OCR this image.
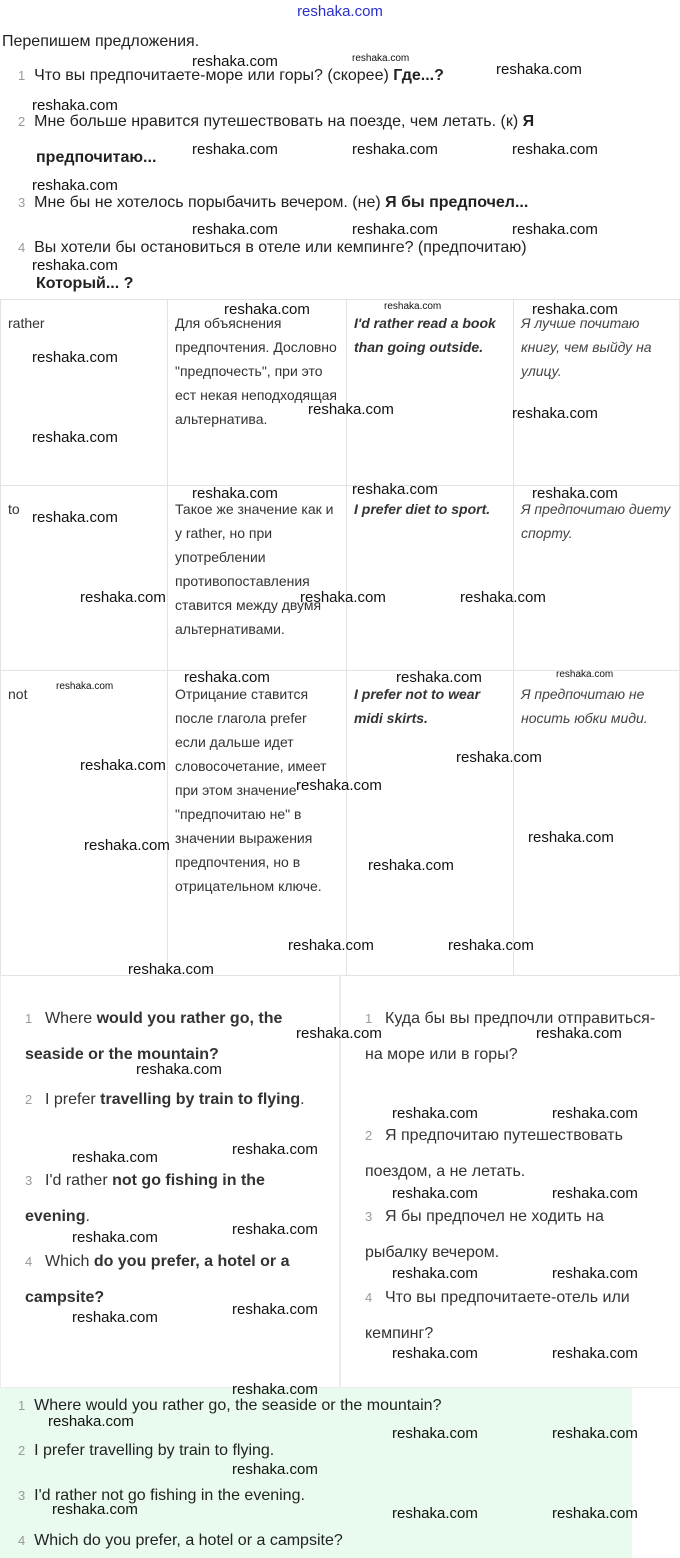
reshaka.com
Перепишем предложения.
1 Что вы предпочитаете-море или горы? (скорее) Где...?
2 Мне больше нравится путешествовать на поезде, чем летать. (к) Я
предпочитаю...
3 Мне бы не хотелось порыбачить вечером. (не) Я бы предпочел...
4 Вы хотели бы остановиться в отеле или кемпинге? (предпочитаю)
Который... ?
rather	Для объяснения предпочтения. Дословно "предпочесть", при это ест некая неподходящая альтернатива.	I'd rather read a book than going outside.	Я лучше почитаю книгу, чем выйду на улицу.
to	Такое же значение как и у rather, но при употреблении противопоставления ставится между двумя альтернативами.	I prefer diet to sport.	Я предпочитаю диету спорту.
not	Отрицание ставится после глагола prefer если дальше идет словосочетание, имеет при этом значение "предпочитаю не" в значении выражения предпочтения, но в отрицательном ключе.	I prefer not to wear midi skirts.	Я предпочитаю не носить юбки миди.
1 Where would you rather go, the seaside or the mountain?
2 I prefer travelling by train to flying.
3 I'd rather not go fishing in the evening.
4 Which do you prefer, a hotel or a campsite?
1 Куда бы вы предпочли отправиться-на море или в горы?
2 Я предпочитаю путешествовать поездом, а не летать.
3 Я бы предпочел не ходить на рыбалку вечером.
4 Что вы предпочитаете-отель или кемпинг?
1 Where would you rather go, the seaside or the mountain?
2 I prefer travelling by train to flying.
3 I'd rather not go fishing in the evening.
4 Which do you prefer, a hotel or a campsite?
reshaka.com
reshaka.com	reshaka.com
reshaka.com
reshaka.com	reshaka.com	reshaka.com
reshaka.com
reshaka.com	reshaka.com	reshaka.com
reshaka.com
reshaka.com	reshaka.com	reshaka.com
reshaka.com
reshaka.com	reshaka.com
reshaka.com
reshaka.com	reshaka.com	reshaka.com
reshaka.com
reshaka.com	reshaka.com	reshaka.com
reshaka.com	reshaka.com
reshaka.com
reshaka.com
reshaka.com
reshaka.com
reshaka.com
reshaka.com
reshaka.com
reshaka.com
reshaka.com	reshaka.com
reshaka.com
reshaka.com	reshaka.com
reshaka.com
reshaka.com	reshaka.com
reshaka.com
reshaka.com
reshaka.com	reshaka.com
reshaka.com
reshaka.com
reshaka.com	reshaka.com
reshaka.com
reshaka.com
reshaka.com	reshaka.com
reshaka.com
reshaka.com
reshaka.com	reshaka.com
reshaka.com
reshaka.com	reshaka.com	reshaka.com
